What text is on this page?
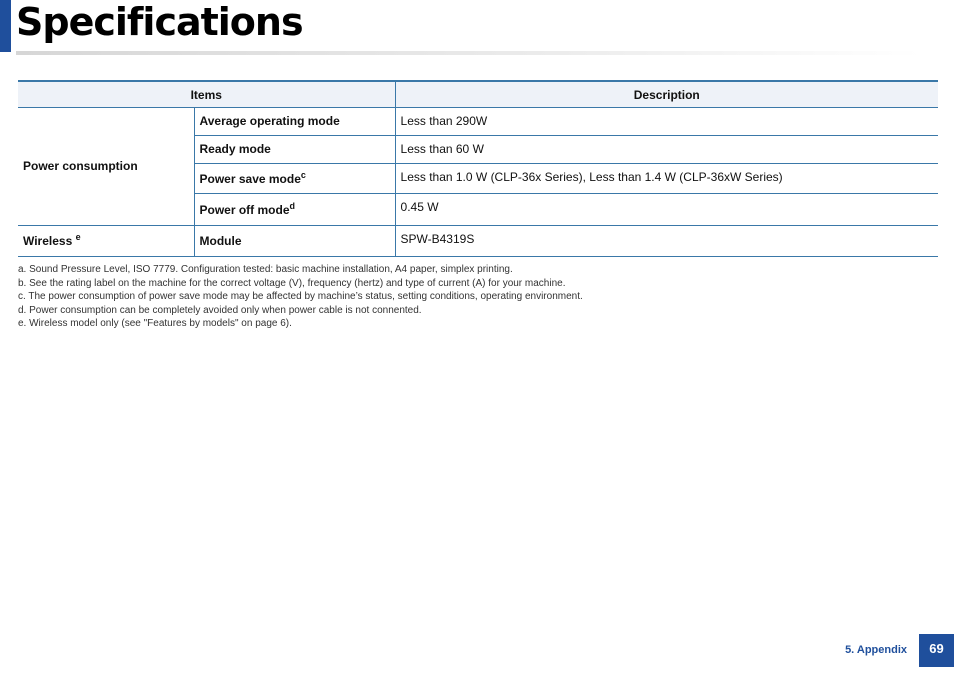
Specifications
Items		Description
Power consumption	Average operating mode	Less than 290W
	Ready mode	Less than 60 W
	Power save mode$^c$	Less than 1.0 W (CLP-36x Series), Less than 1.4 W (CLP-36xW Series)
	Power off mode$^d$	0.45 W
Wireless $^e$	Module	SPW-B4319S

a. Sound Pressure Level, ISO 7779. Configuration tested: basic machine installation, A4 paper, simplex printing.

b. See the rating label on the machine for the correct voltage (V), frequency (hertz) and type of current (A) for your machine.

c. The power consumption of power save mode may be affected by machine’s status, setting conditions, operating environment.

d. Power consumption can be completely avoided only when power cable is not connented.

e. Wireless model only (see "Features by models" on page 6).

5. Appendix	69
